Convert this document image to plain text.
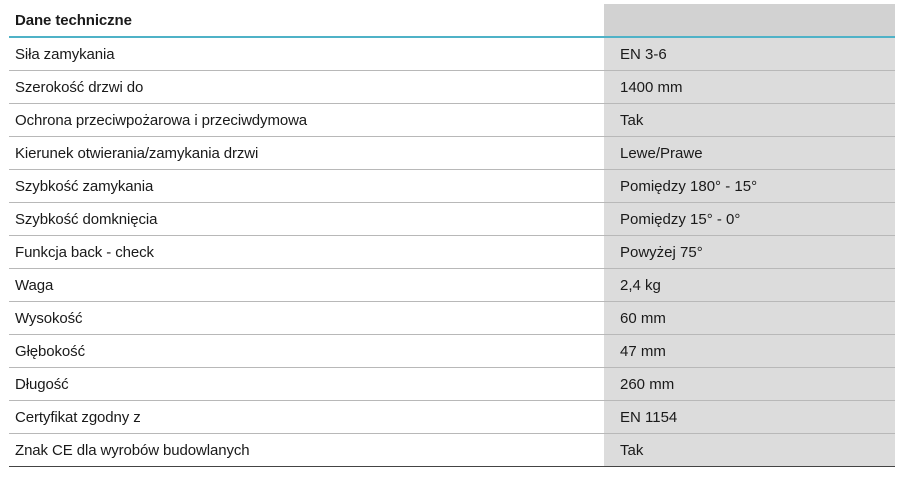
Dane techniczne
Siła zamykania	EN 3-6
Szerokość drzwi do	1400 mm
Ochrona przeciwpożarowa i przeciwdymowa	Tak
Kierunek otwierania/zamykania drzwi	Lewe/Prawe
Szybkość zamykania	Pomiędzy 180° - 15°
Szybkość domknięcia	Pomiędzy 15° - 0°
Funkcja back - check	Powyżej 75°
Waga	2,4 kg
Wysokość	60 mm
Głębokość	47 mm
Długość	260 mm
Certyfikat zgodny z	EN 1154
Znak CE dla wyrobów budowlanych	Tak
